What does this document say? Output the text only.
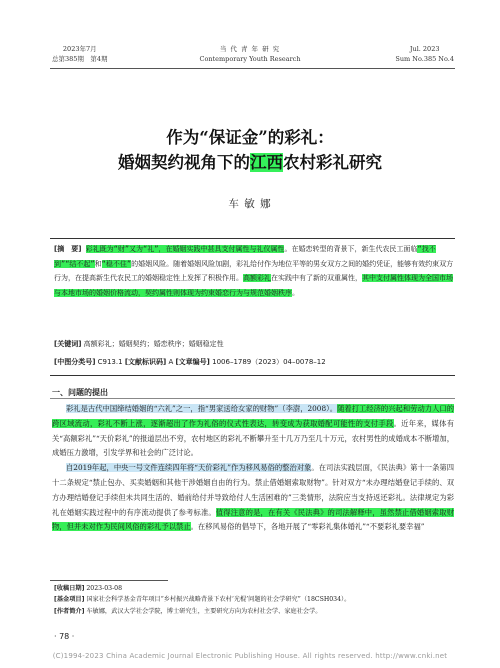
2023年7月
总第385期　第4期
当 代 青 年 研 究
Contemporary Youth Research
Jul. 2023
Sum No.385 No.4
作为“保证金”的彩礼：
婚姻契约视角下的江西农村彩礼研究
车 敏 娜

[摘　要] 彩礼既为“财”又为“礼”，在婚姻实践中甚具支付属性与礼仪属性。在婚恋转型的背景下，新生代农民工面临“找不到”“结不起”和“稳不住”的婚姻风险。随着婚姻风险加剧，彩礼给付作为地位平等的男女双方之间的婚约凭证，能够有效约束双方行为，在提高新生代农民工的婚姻稳定性上发挥了积极作用。高额彩礼在实践中有了新的双重属性，其中支付属性体现为全国市场与本地市场的婚姻价格流动，契约属性则体现为约束婚恋行为与规范婚姻秩序。

[关键词] 高额彩礼；婚姻契约；婚恋秩序；婚姻稳定性
[中图分类号] C913.1 [文献标识码] A [文章编号] 1006–1789（2023）04–0078–12
一、问题的提出

彩礼是古代中国缔结婚姻的“六礼”之一，指“男家送给女家的财物”（李澍，2008）。随着打工经济的兴起和劳动力人口的跨区域流动，彩礼不断上涨，逐渐超出了作为礼俗的仪式性表达，转变成为获取婚配可能性的支付手段。近年来，媒体有关“高额彩礼”“天价彩礼”的报道层出不穷，农村地区的彩礼不断攀升至十几万乃至几十万元，农村男性的成婚成本不断增加，成婚压力激增，引发学界和社会的广泛讨论。

自2019年起，中央一号文件连续四年将“天价彩礼”作为移风易俗的整治对象。在司法实践层面，《民法典》第十一条第四十二条规定“禁止包办、买卖婚姻和其他干涉婚姻自由的行为。禁止借婚姻索取财物”。针对双方“未办理结婚登记手续的、双方办理结婚登记手续但未共同生活的、婚前给付并导致给付人生活困难的”三类情形，法院应当支持返还彩礼。法律规定为彩礼在婚姻实践过程中的有序流动提供了参考标准。值得注意的是，在有关《民法典》的司法解释中，虽然禁止借婚姻索取财物，但并未对作为民间风俗的彩礼予以禁止。在移风易俗的倡导下，各地开展了“零彩礼集体婚礼”“不要彩礼要幸福”

[收稿日期] 2023-03-08
[基金项目] 国家社会科学基金青年项目“乡村振兴战略背景下农村‘光棍’问题的社会学研究”（18CSH034）。
[作者简介] 车敏娜，武汉大学社会学院，博士研究生，主要研究方向为农村社会学、家庭社会学。
· 78 ·
(C)1994-2023 China Academic Journal Electronic Publishing House. All rights reserved. http://www.cnki.net
